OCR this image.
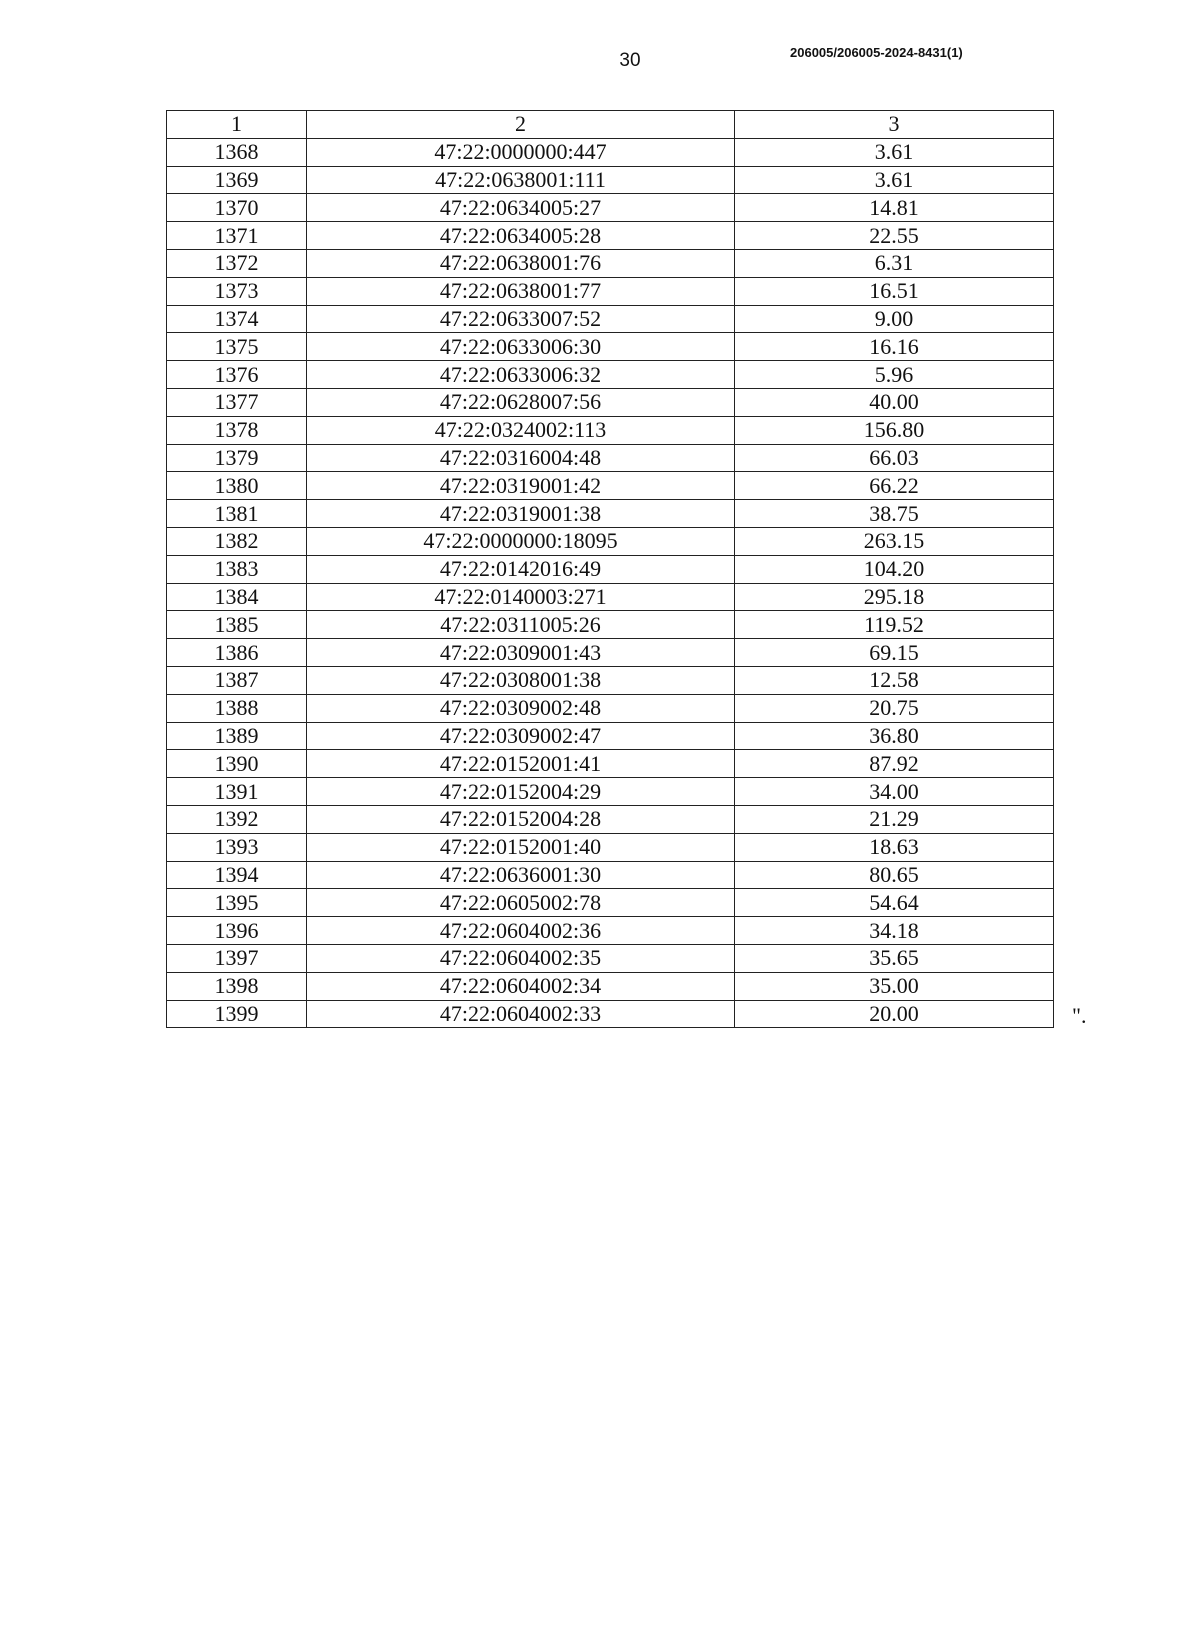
30	206005/206005-2024-8431(1)
1	2	3
1368	47:22:0000000:447	3.61
1369	47:22:0638001:111	3.61
1370	47:22:0634005:27	14.81
1371	47:22:0634005:28	22.55
1372	47:22:0638001:76	6.31
1373	47:22:0638001:77	16.51
1374	47:22:0633007:52	9.00
1375	47:22:0633006:30	16.16
1376	47:22:0633006:32	5.96
1377	47:22:0628007:56	40.00
1378	47:22:0324002:113	156.80
1379	47:22:0316004:48	66.03
1380	47:22:0319001:42	66.22
1381	47:22:0319001:38	38.75
1382	47:22:0000000:18095	263.15
1383	47:22:0142016:49	104.20
1384	47:22:0140003:271	295.18
1385	47:22:0311005:26	119.52
1386	47:22:0309001:43	69.15
1387	47:22:0308001:38	12.58
1388	47:22:0309002:48	20.75
1389	47:22:0309002:47	36.80
1390	47:22:0152001:41	87.92
1391	47:22:0152004:29	34.00
1392	47:22:0152004:28	21.29
1393	47:22:0152001:40	18.63
1394	47:22:0636001:30	80.65
1395	47:22:0605002:78	54.64
1396	47:22:0604002:36	34.18
1397	47:22:0604002:35	35.65
1398	47:22:0604002:34	35.00
1399	47:22:0604002:33	20.00	".
